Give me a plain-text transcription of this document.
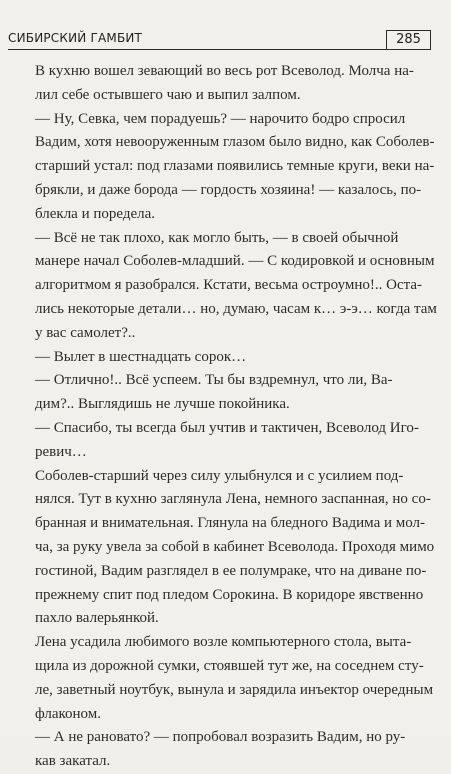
СИБИРСКИЙ ГАМБИТ	285

В кухню вошел зевающий во весь рот Всеволод. Молча на-
лил себе остывшего чаю и выпил залпом.

— Ну, Севка, чем порадуешь? — нарочито бодро спросил
Вадим, хотя невооруженным глазом было видно, как Соболев-
старший устал: под глазами появились темные круги, веки на-
брякли, и даже борода — гордость хозяина! — казалось, по-
блекла и поредела.

— Всё не так плохо, как могло быть, — в своей обычной
манере начал Соболев-младший. — С кодировкой и основным
алгоритмом я разобрался. Кстати, весьма остроумно!.. Оста-
лись некоторые детали… но, думаю, часам к… э-э… когда там
у вас самолет?..

— Вылет в шестнадцать сорок…

— Отлично!.. Всё успеем. Ты бы вздремнул, что ли, Ва-
дим?.. Выглядишь не лучше покойника.

— Спасибо, ты всегда был учтив и тактичен, Всеволод Иго-
ревич…

Соболев-старший через силу улыбнулся и с усилием под-
нялся. Тут в кухню заглянула Лена, немного заспанная, но со-
бранная и внимательная. Глянула на бледного Вадима и мол-
ча, за руку увела за собой в кабинет Всеволода. Проходя мимо
гостиной, Вадим разглядел в ее полумраке, что на диване по-
прежнему спит под пледом Сорокина. В коридоре явственно
пахло валерьянкой.

Лена усадила любимого возле компьютерного стола, выта-
щила из дорожной сумки, стоявшей тут же, на соседнем сту-
ле, заветный ноутбук, вынула и зарядила инъектор очередным
флаконом.

— А не рановато? — попробовал возразить Вадим, но ру-
кав закатал.
